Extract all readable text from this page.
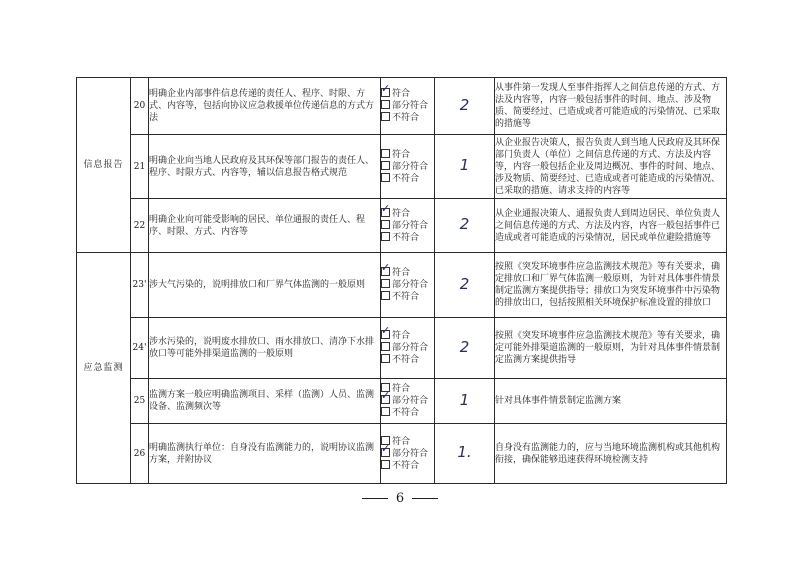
信息报告	20	明确企业内部事件信息传递的责任人、程序、时限、方式、内容等，包括向协议应急救援单位传递信息的方式方法	✓ 符合
部分符合
不符合	2	从事件第一发现人至事件指挥人之间信息传递的方式、方法及内容等，内容一般包括事件的时间、地点、涉及物质、简要经过、已造成或者可能造成的污染情况、已采取的措施等
	21	明确企业向当地人民政府及其环保等部门报告的责任人、程序、时限方式、内容等，辅以信息报告格式规范	符合
部分符合
不符合	1	从企业报告决策人，报告负责人到当地人民政府及其环保部门负责人（单位）之间信息传递的方式、方法及内容等，内容一般包括企业及周边概况、事件的时间、地点、涉及物质、简要经过、已造成或者可能造成的污染情况、已采取的措施、请求支持的内容等
	22	明确企业向可能受影响的居民、单位通报的责任人、程序、时限、方式、内容等	✓ 符合
部分符合
不符合	2	从企业通报决策人、通报负责人到周边居民、单位负责人之间信息传递的方式、方法及内容，内容一般包括事件已造成或者可能造成的污染情况，居民或单位避险措施等
应急监测	23'	涉大气污染的，说明排放口和厂界气体监测的一般原则	✓ 符合
部分符合
不符合	2	按照《突发环境事件应急监测技术规范》等有关要求，确定排放口和厂界气体监测一般原则，为针对具体事件情景制定监测方案提供指导；排放口为突发环境事件中污染物的排放出口，包括按照相关环境保护标准设置的排放口
	24'	涉水污染的，说明废水排放口、雨水排放口、清净下水排放口等可能外排渠道监测的一般原则	✓ 符合
部分符合
不符合	2	按照《突发环境事件应急监测技术规范》等有关要求，确定可能外排渠道监测的一般原则，为针对具体事件情景制定监测方案提供指导
	25	监测方案一般应明确监测项目、采样（监测）人员、监测设备、监测频次等	符合
✓ 部分符合
不符合	1	针对具体事件情景制定监测方案
	26	明确监测执行单位：自身没有监测能力的，说明协议监测方案，并附协议	符合
✓ 部分符合
不符合	1.	自身没有监测能力的，应与当地环境监测机构或其他机构衔接，确保能够迅速获得环境检测支持
6
